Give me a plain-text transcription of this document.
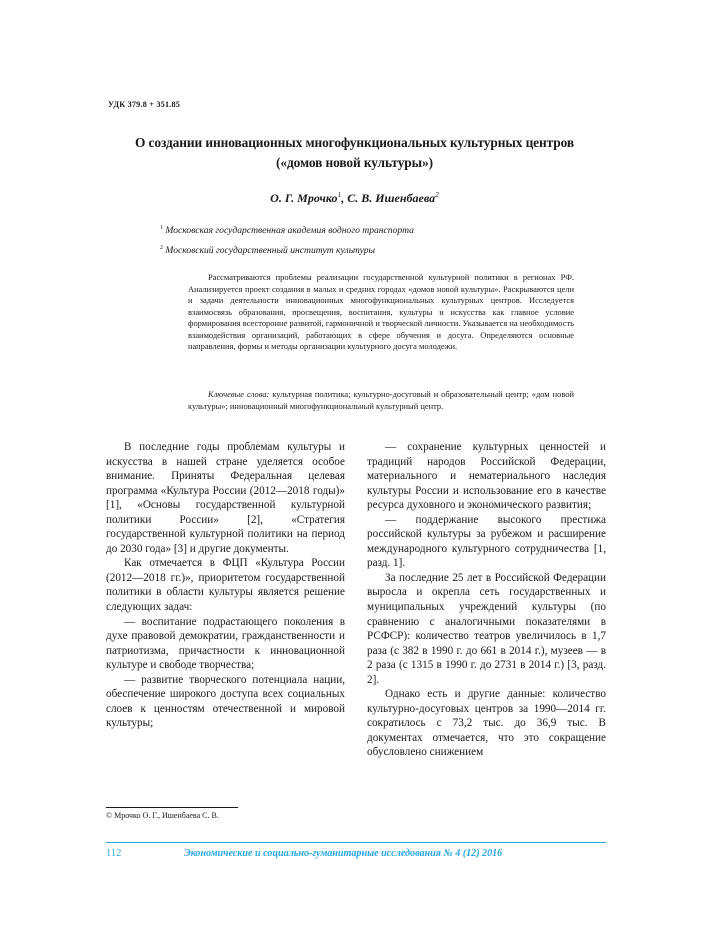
УДК 379.8 + 351.85
О создании инновационных многофункциональных культурных центров
(«домов новой культуры»)
О. Г. Мрочко$^1$, С. В. Ишенбаева$^2$
$^1$ Московская государственная академия водного транспорта
$^2$ Московский государственный институт культуры
Рассматриваются проблемы реализации государственной культурной политики в регионах РФ. Анализируется проект создания в малых и средних городах «домов новой культуры». Раскрываются цели и задачи деятельности инновационных многофункциональных культурных центров. Исследуется взаимосвязь образования, просвещения, воспитания, культуры и искусства как главное условие формирования всесторонне развитой, гармоничной и творческой личности. Указывается на необходимость взаимодействия организаций, работающих в сфере обучения и досуга. Определяются основные направления, формы и методы организации культурного досуга молодежи.
Ключевые слова: культурная политика; культурно-досуговый и образовательный центр; «дом новой культуры»; инновационный многофункциональный культурный центр.

В последние годы проблемам культуры и искусства в нашей стране уделяется особое внимание. Приняты Федеральная целевая программа «Культура России (2012—2018 годы)» [1], «Основы государственной культурной политики России» [2], «Стратегия государственной культурной политики на период до 2030 года» [3] и другие документы.

Как отмечается в ФЦП «Культура России (2012—2018 гг.)», приоритетом государственной политики в области культуры является решение следующих задач:

— воспитание подрастающего поколения в духе правовой демократии, гражданственности и патриотизма, причастности к инновационной культуре и свободе творчества;

— развитие творческого потенциала нации, обеспечение широкого доступа всех социальных слоев к ценностям отечественной и мировой культуры;

— сохранение культурных ценностей и традиций народов Российской Федерации, материального и нематериального наследия культуры России и использование его в качестве ресурса духовного и экономического развития;

— поддержание высокого престижа российской культуры за рубежом и расширение международного культурного сотрудничества [1, разд. 1].

За последние 25 лет в Российской Федерации выросла и окрепла сеть государственных и муниципальных учреждений культуры (по сравнению с аналогичными показателями в РСФСР): количество театров увеличилось в 1,7 раза (с 382 в 1990 г. до 661 в 2014 г.), музеев — в 2 раза (с 1315 в 1990 г. до 2731 в 2014 г.) [3, разд. 2].

Однако есть и другие данные: количество культурно-досуговых центров за 1990—2014 гг. сократилось с 73,2 тыс. до 36,9 тыс. В документах отмечается, что это сокращение обусловлено снижением

© Мрочко О. Г., Ишенбаева С. В.
112	Экономические и социально-гуманитарные исследования № 4 (12) 2016
